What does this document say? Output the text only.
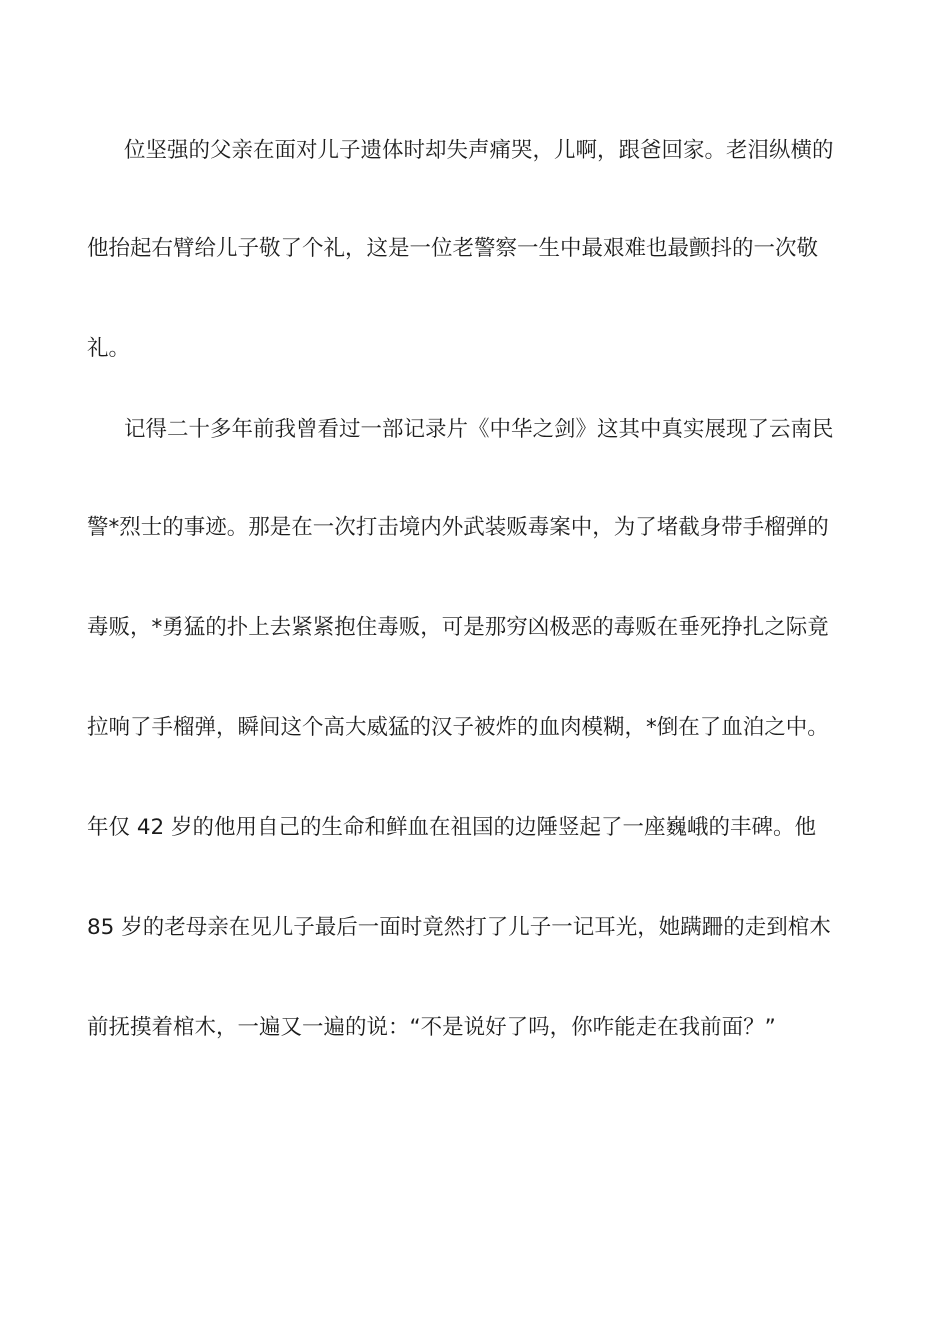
位坚强的父亲在面对儿子遗体时却失声痛哭，儿啊，跟爸回家。老泪纵横的
他抬起右臂给儿子敬了个礼，这是一位老警察一生中最艰难也最颤抖的一次敬
礼。
记得二十多年前我曾看过一部记录片《中华之剑》这其中真实展现了云南民
警*烈士的事迹。那是在一次打击境内外武装贩毒案中，为了堵截身带手榴弹的
毒贩，*勇猛的扑上去紧紧抱住毒贩，可是那穷凶极恶的毒贩在垂死挣扎之际竟
拉响了手榴弹，瞬间这个高大威猛的汉子被炸的血肉模糊，*倒在了血泊之中。
年仅 42 岁的他用自己的生命和鲜血在祖国的边陲竖起了一座巍峨的丰碑。他
85 岁的老母亲在见儿子最后一面时竟然打了儿子一记耳光，她蹒跚的走到棺木
前抚摸着棺木，一遍又一遍的说：“不是说好了吗，你咋能走在我前面？”
